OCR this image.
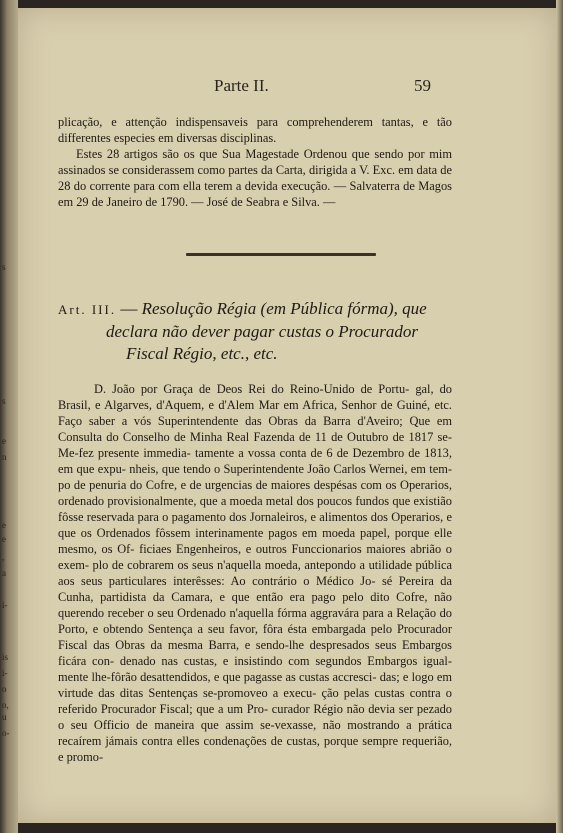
s
s
e
n
e
e
,
a
i-
is
i-
o
o,
u
o-
Parte II.	59

plicação, e attenção indispensaveis para comprehenderem tantas, e tão differentes especies em diversas disciplinas.

Estes 28 artigos são os que Sua Magestade Ordenou que sendo por mim assinados se considerassem como partes da Carta, dirigida a V. Exc. em data de 28 do corrente para com ella terem a devida execução. — Salvaterra de Magos em 29 de Janeiro de 1790. — José de Seabra e Silva. —

Art. III. — Resolução Régia (em Pública fórma), que
declara não dever pagar custas o Procurador
Fiscal Régio, etc., etc.

D. João por Graça de Deos Rei do Reino-Unido de Portu- gal, do Brasil, e Algarves, d'Aquem, e d'Alem Mar em Africa, Senhor de Guiné, etc. Faço saber a vós Superintendente das Obras da Barra d'Aveiro; Que em Consulta do Conselho de Minha Real Fazenda de 11 de Outubro de 1817 se-Me-fez presente immedia- tamente a vossa conta de 6 de Dezembro de 1813, em que expu- nheis, que tendo o Superintendente João Carlos Wernei, em tem- po de penuria do Cofre, e de urgencias de maiores despésas com os Operarios, ordenado provisionalmente, que a moeda metal dos poucos fundos que existião fôsse reservada para o pagamento dos Jornaleiros, e alimentos dos Operarios, e que os Ordenados fôssem interinamente pagos em moeda papel, porque elle mesmo, os Of- ficiaes Engenheiros, e outros Funccionarios maiores abrião o exem- plo de cobrarem os seus n'aquella moeda, antepondo a utilidade pública aos seus particulares interêsses: Ao contrário o Médico Jo- sé Pereira da Cunha, partidista da Camara, e que então era pago pelo dito Cofre, não querendo receber o seu Ordenado n'aquella fórma aggravára para a Relação do Porto, e obtendo Sentença a seu favor, fôra ésta embargada pelo Procurador Fiscal das Obras da mesma Barra, e sendo-lhe despresados seus Embargos ficára con- denado nas custas, e insistindo com segundos Embargos igual- mente lhe-fôrão desattendidos, e que pagasse as custas accresci- das; e logo em virtude das ditas Sentenças se-promoveo a execu- ção pelas custas contra o referido Procurador Fiscal; que a um Pro- curador Régio não devia ser pezado o seu Officio de maneira que assim se-vexasse, não mostrando a prática recaírem jámais contra elles condenações de custas, porque sempre requerião, e promo-
